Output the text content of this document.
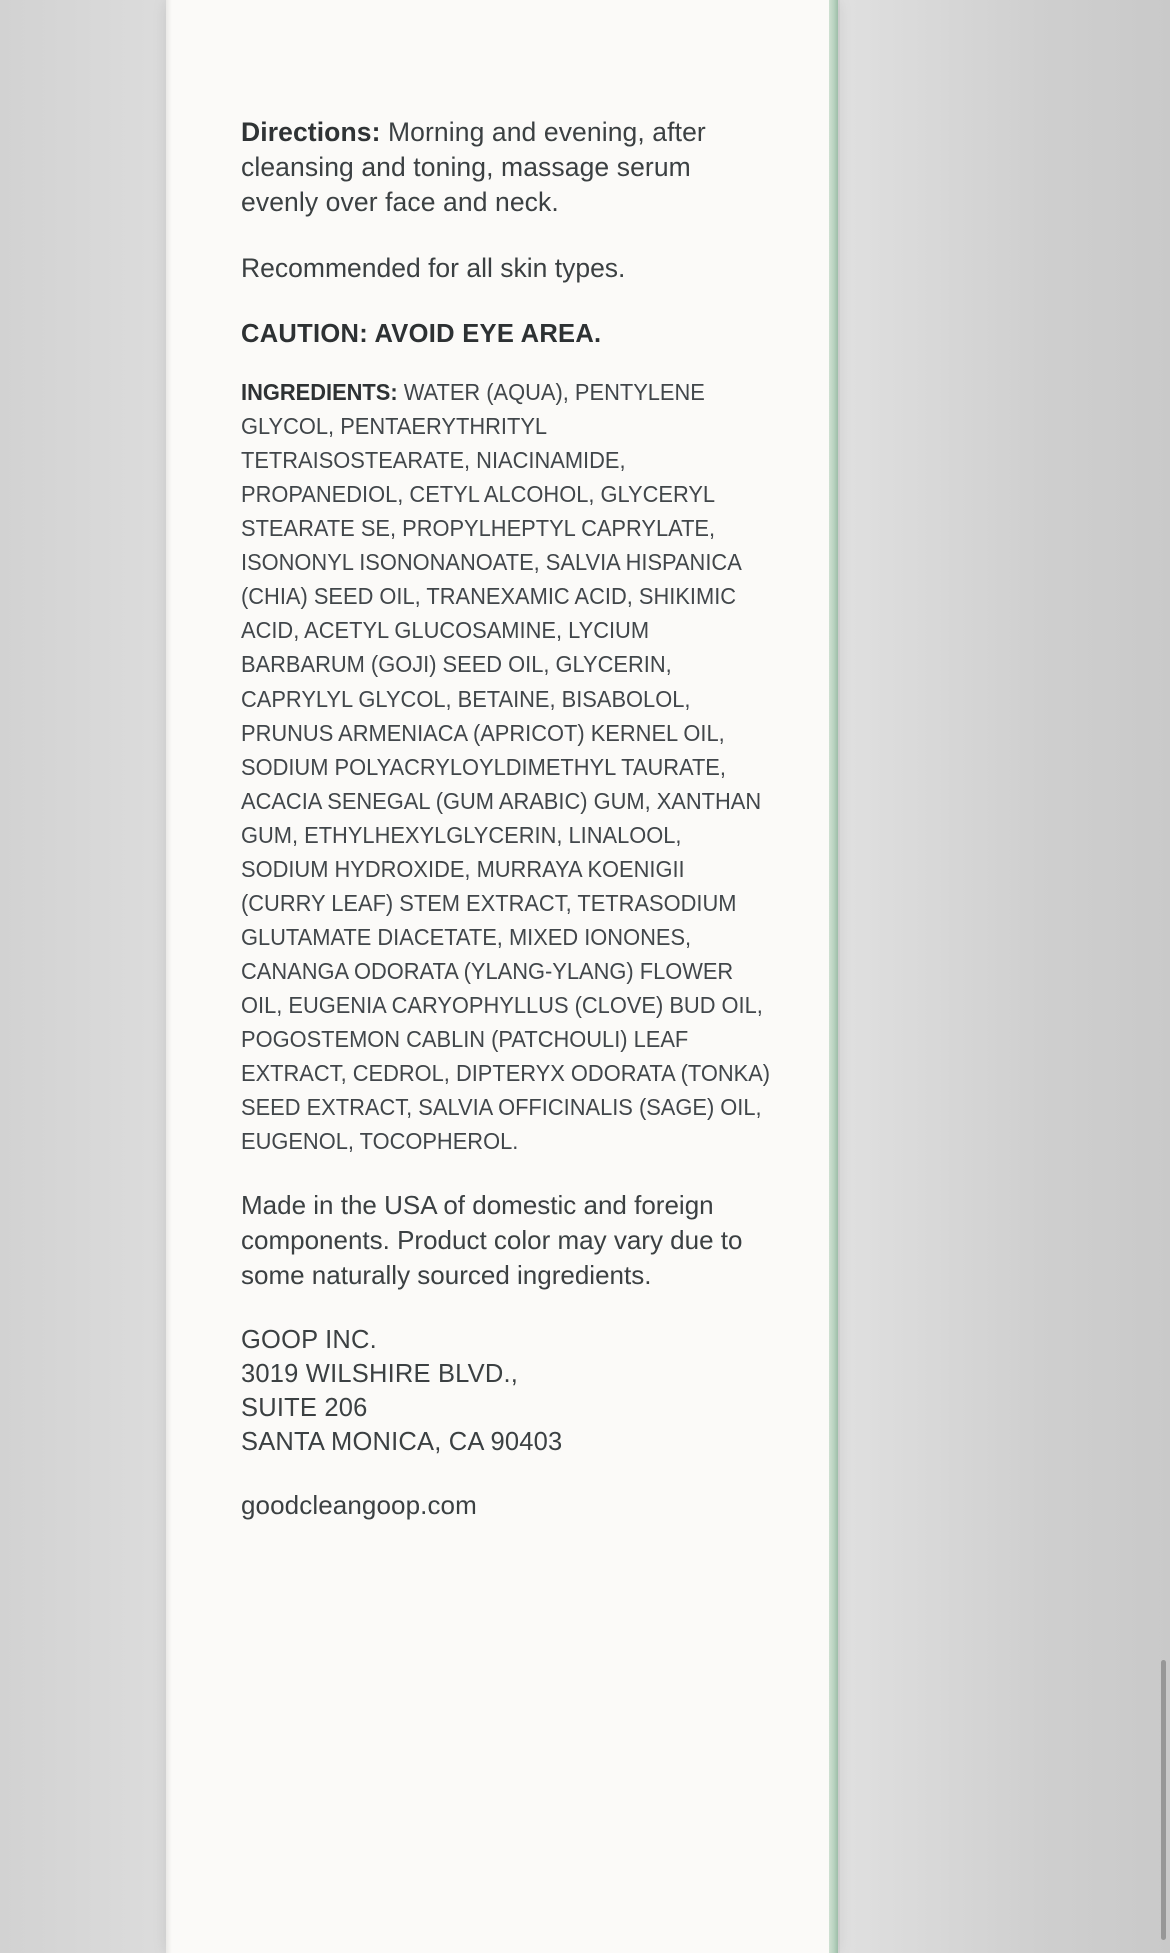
Directions: Morning and evening, after cleansing and toning, massage serum evenly over face and neck.
Recommended for all skin types.
CAUTION: AVOID EYE AREA.
INGREDIENTS: WATER (AQUA), PENTYLENE GLYCOL, PENTAERYTHRITYL TETRAISOSTEARATE, NIACINAMIDE, PROPANEDIOL, CETYL ALCOHOL, GLYCERYL STEARATE SE, PROPYLHEPTYL CAPRYLATE, ISONONYL ISONONANOATE, SALVIA HISPANICA (CHIA) SEED OIL, TRANEXAMIC ACID, SHIKIMIC ACID, ACETYL GLUCOSAMINE, LYCIUM BARBARUM (GOJI) SEED OIL, GLYCERIN, CAPRYLYL GLYCOL, BETAINE, BISABOLOL, PRUNUS ARMENIACA (APRICOT) KERNEL OIL, SODIUM POLYACRYLOYLDIMETHYL TAURATE, ACACIA SENEGAL (GUM ARABIC) GUM, XANTHAN GUM, ETHYLHEXYLGLYCERIN, LINALOOL, SODIUM HYDROXIDE, MURRAYA KOENIGII (CURRY LEAF) STEM EXTRACT, TETRASODIUM GLUTAMATE DIACETATE, MIXED IONONES, CANANGA ODORATA (YLANG-YLANG) FLOWER OIL, EUGENIA CARYOPHYLLUS (CLOVE) BUD OIL, POGOSTEMON CABLIN (PATCHOULI) LEAF EXTRACT, CEDROL, DIPTERYX ODORATA (TONKA) SEED EXTRACT, SALVIA OFFICINALIS (SAGE) OIL, EUGENOL, TOCOPHEROL.
Made in the USA of domestic and foreign components. Product color may vary due to some naturally sourced ingredients.
GOOP INC.
3019 WILSHIRE BLVD.,
SUITE 206
SANTA MONICA, CA 90403
goodcleangoop.com
